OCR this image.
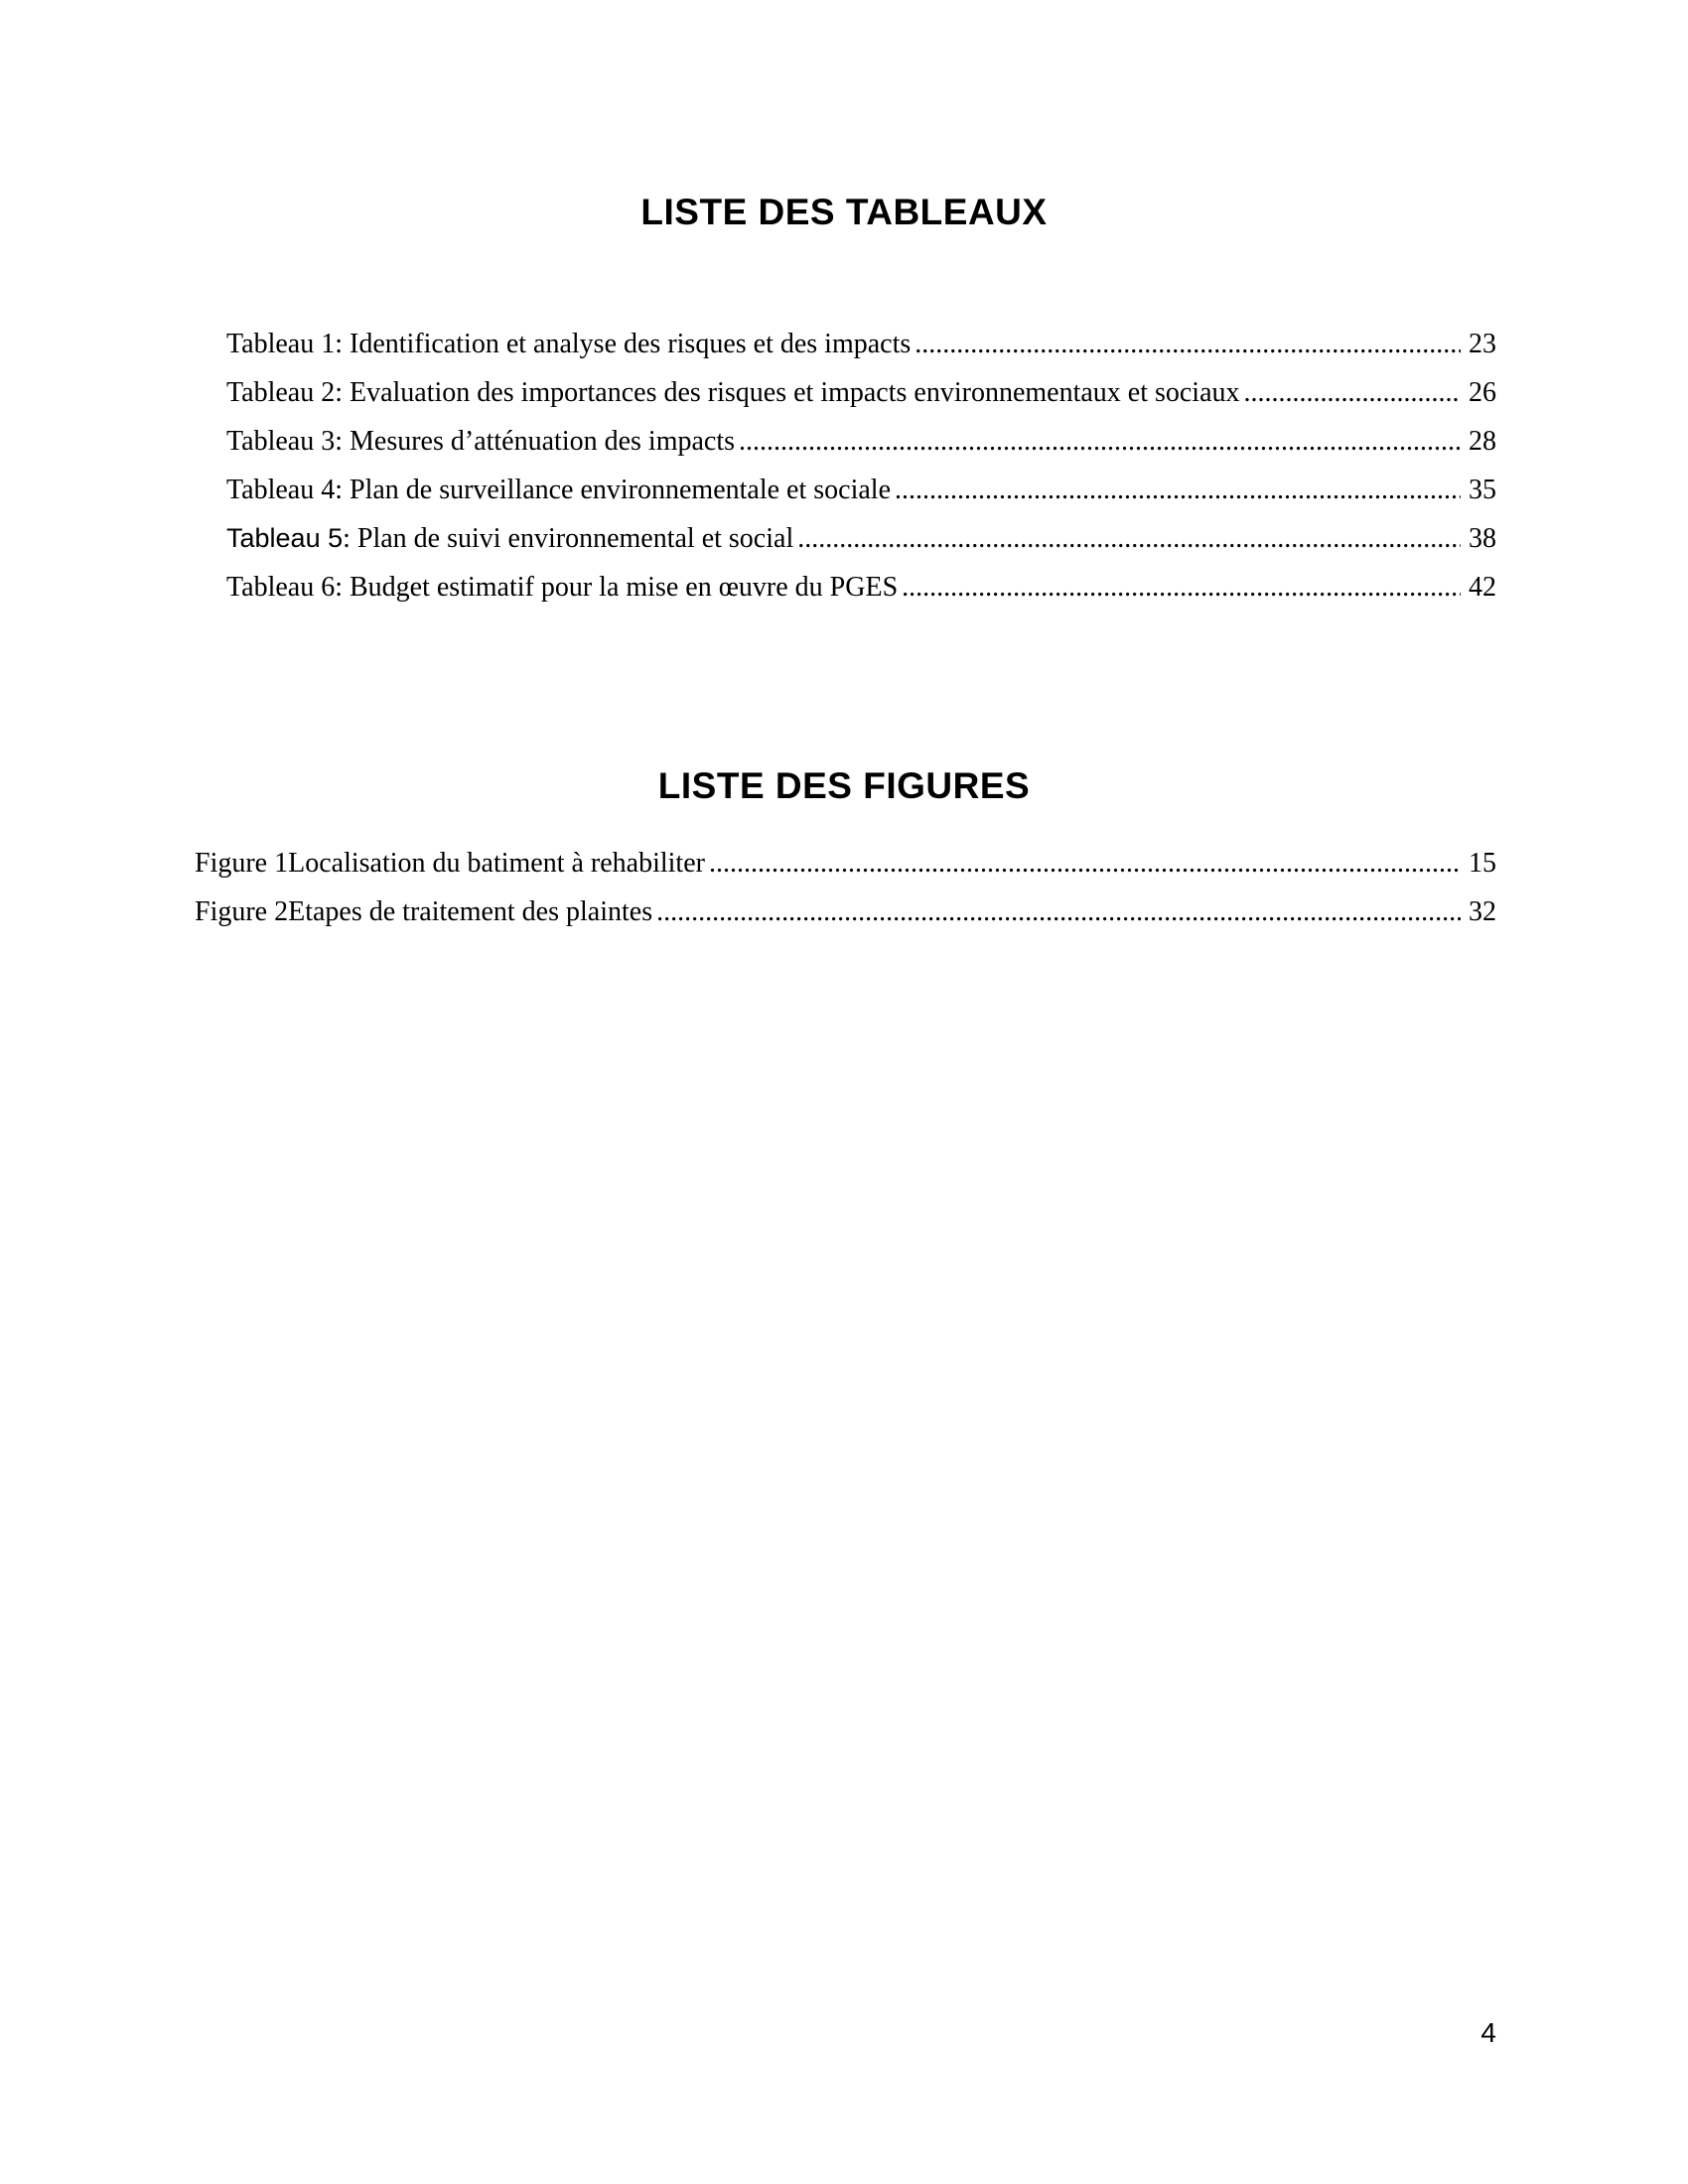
LISTE DES TABLEAUX
Tableau 1 : Identification et analyse des risques et des impacts . . .	23
Tableau 2 : Evaluation des importances des risques et impacts environnementaux et sociaux . . .	26
Tableau 3 : Mesures d’atténuation des impacts . . .	28
Tableau 4 : Plan de surveillance environnementale et sociale . . .	35
Tableau 5 : Plan de suivi environnemental et social . . .	38
Tableau 6 : Budget estimatif pour la mise en œuvre du PGES . . .	42
LISTE DES FIGURES
Figure 1 Localisation du batiment à rehabiliter . . .	15
Figure 2 Etapes de traitement des plaintes . . .	32
4
